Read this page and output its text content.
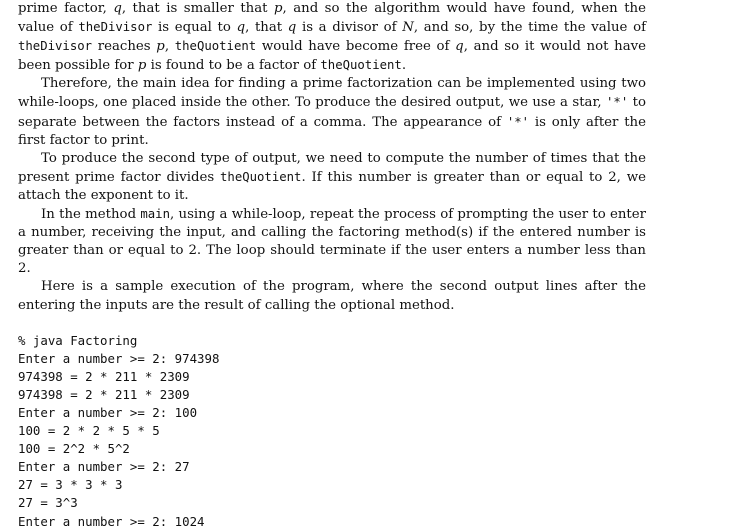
prime factor, q, that is smaller that p, and so the algorithm would have found, when the value of theDivisor is equal to q, that q is a divisor of N, and so, by the time the value of theDivisor reaches p, theQuotient would have become free of q, and so it would not have been possible for p is found to be a factor of theQuotient.

Therefore, the main idea for finding a prime factorization can be implemented using two while-loops, one placed inside the other. To produce the desired output, we use a star, '*' to separate between the factors instead of a comma. The appearance of '*' is only after the first factor to print.

To produce the second type of output, we need to compute the number of times that the present prime factor divides theQuotient. If this number is greater than or equal to 2, we attach the exponent to it.

In the method main, using a while-loop, repeat the process of prompting the user to enter a number, receiving the input, and calling the factoring method(s) if the entered number is greater than or equal to 2. The loop should terminate if the user enters a number less than 2.

Here is a sample execution of the program, where the second output lines after the entering the inputs are the result of calling the optional method.

% java Factoring
Enter a number >= 2: 974398
974398 = 2 * 211 * 2309
974398 = 2 * 211 * 2309
Enter a number >= 2: 100
100 = 2 * 2 * 5 * 5
100 = 2^2 * 5^2
Enter a number >= 2: 27
27 = 3 * 3 * 3
27 = 3^3
Enter a number >= 2: 1024
